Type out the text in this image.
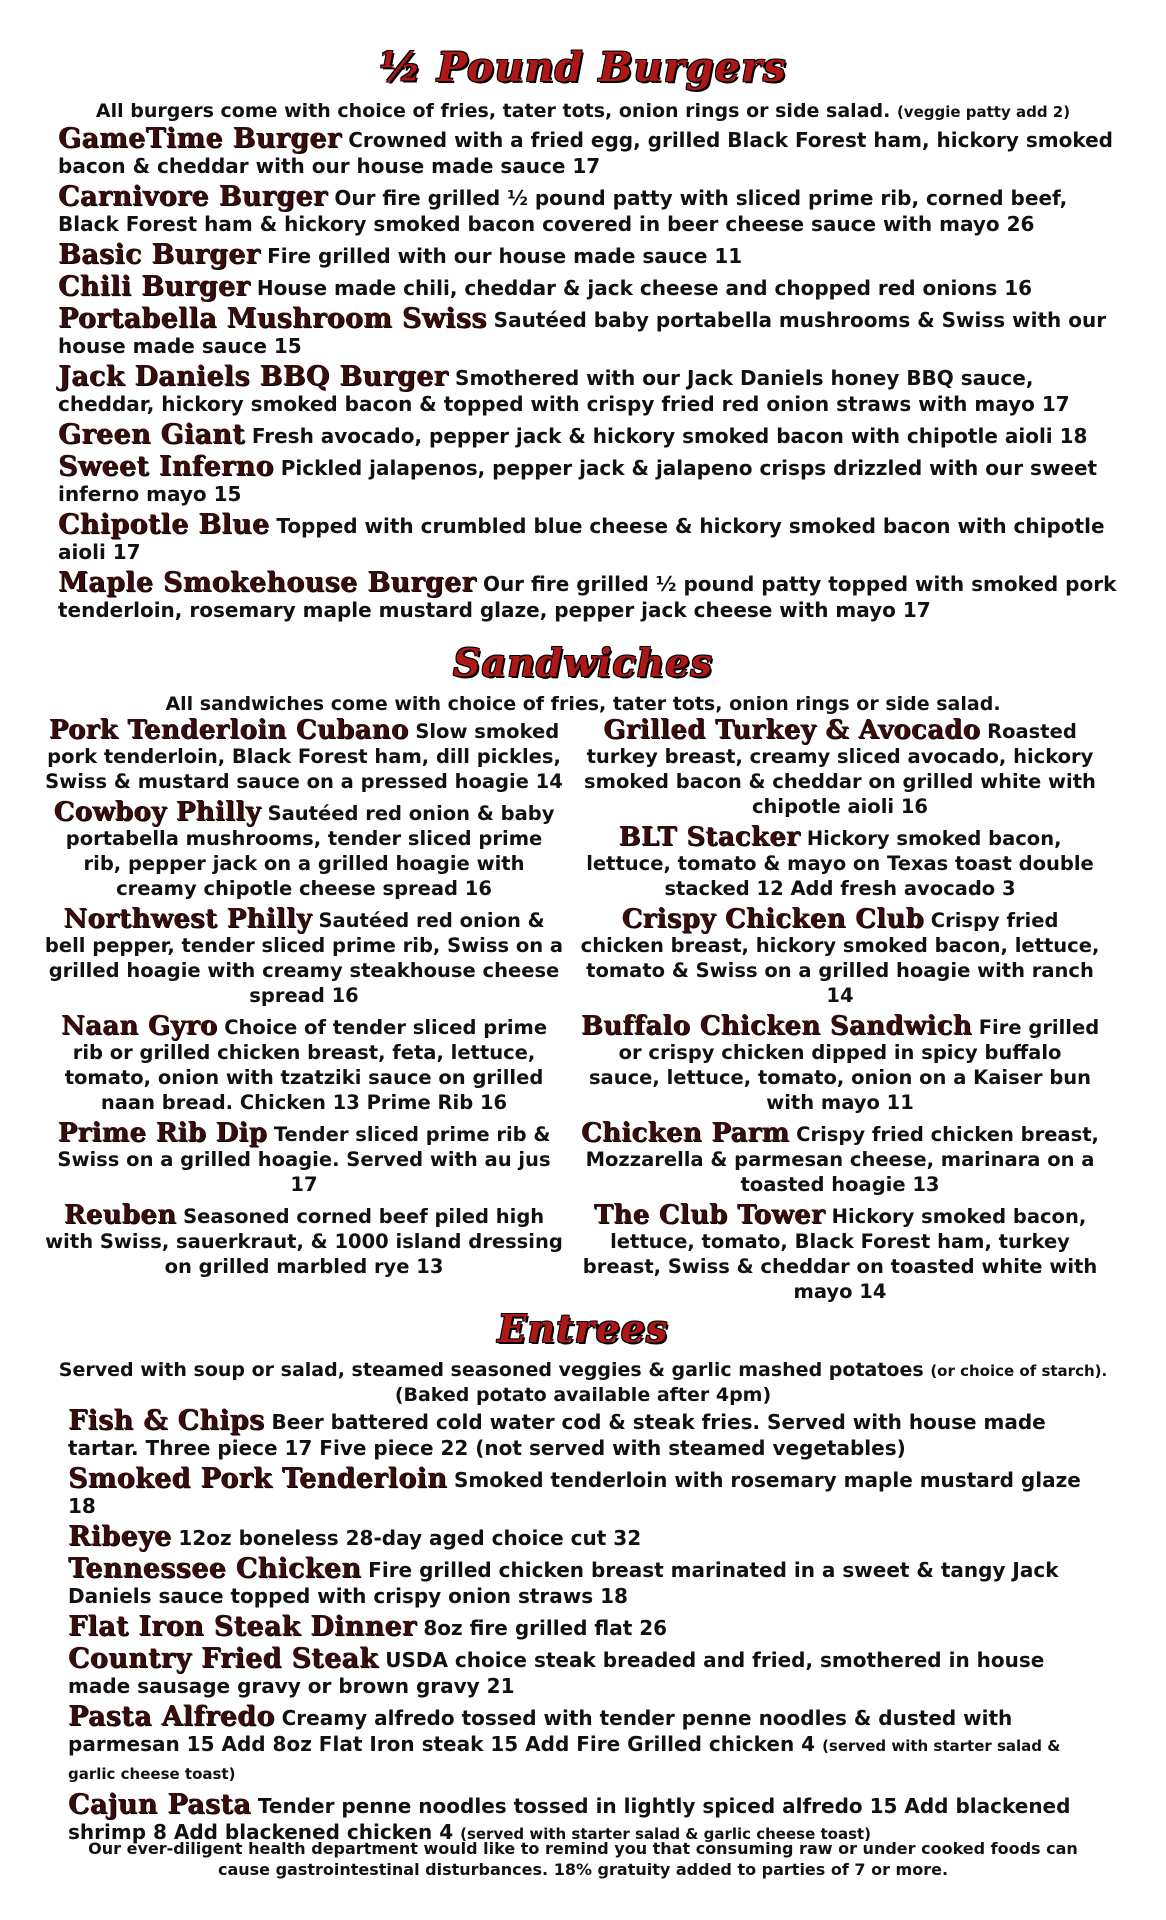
½ Pound Burgers
All burgers come with choice of fries, tater tots, onion rings or side salad. (veggie patty add 2)

GameTime Burger Crowned with a fried egg, grilled Black Forest ham, hickory smoked bacon & cheddar with our house made sauce 17

Carnivore Burger Our fire grilled ½ pound patty with sliced prime rib, corned beef, Black Forest ham & hickory smoked bacon covered in beer cheese sauce with mayo 26

Basic Burger Fire grilled with our house made sauce 11

Chili Burger House made chili, cheddar & jack cheese and chopped red onions 16

Portabella Mushroom Swiss Sautéed baby portabella mushrooms & Swiss with our house made sauce 15

Jack Daniels BBQ Burger Smothered with our Jack Daniels honey BBQ sauce, cheddar, hickory smoked bacon & topped with crispy fried red onion straws with mayo 17

Green Giant Fresh avocado, pepper jack & hickory smoked bacon with chipotle aioli 18

Sweet Inferno Pickled jalapenos, pepper jack & jalapeno crisps drizzled with our sweet inferno mayo 15

Chipotle Blue Topped with crumbled blue cheese & hickory smoked bacon with chipotle aioli 17

Maple Smokehouse Burger Our fire grilled ½ pound patty topped with smoked pork tenderloin, rosemary maple mustard glaze, pepper jack cheese with mayo 17

Sandwiches
All sandwiches come with choice of fries, tater tots, onion rings or side salad.

Pork Tenderloin Cubano Slow smoked pork tenderloin, Black Forest ham, dill pickles, Swiss & mustard sauce on a pressed hoagie 14

Cowboy Philly Sautéed red onion & baby portabella mushrooms, tender sliced prime rib, pepper jack on a grilled hoagie with creamy chipotle cheese spread 16

Northwest Philly Sautéed red onion & bell pepper, tender sliced prime rib, Swiss on a grilled hoagie with creamy steakhouse cheese spread 16

Naan Gyro Choice of tender sliced prime rib or grilled chicken breast, feta, lettuce, tomato, onion with tzatziki sauce on grilled naan bread. Chicken 13 Prime Rib 16

Prime Rib Dip Tender sliced prime rib & Swiss on a grilled hoagie. Served with au jus 17

Reuben Seasoned corned beef piled high with Swiss, sauerkraut, & 1000 island dressing on grilled marbled rye 13

Grilled Turkey & Avocado Roasted turkey breast, creamy sliced avocado, hickory smoked bacon & cheddar on grilled white with chipotle aioli 16

BLT Stacker Hickory smoked bacon, lettuce, tomato & mayo on Texas toast double stacked 12 Add fresh avocado 3

Crispy Chicken Club Crispy fried chicken breast, hickory smoked bacon, lettuce, tomato & Swiss on a grilled hoagie with ranch 14

Buffalo Chicken Sandwich Fire grilled or crispy chicken dipped in spicy buffalo sauce, lettuce, tomato, onion on a Kaiser bun with mayo 11

Chicken Parm Crispy fried chicken breast, Mozzarella & parmesan cheese, marinara on a toasted hoagie 13

The Club Tower Hickory smoked bacon, lettuce, tomato, Black Forest ham, turkey breast, Swiss & cheddar on toasted white with mayo 14

Entrees
Served with soup or salad, steamed seasoned veggies & garlic mashed potatoes (or choice of starch).
(Baked potato available after 4pm)

Fish & Chips Beer battered cold water cod & steak fries. Served with house made tartar. Three piece 17 Five piece 22 (not served with steamed vegetables)

Smoked Pork Tenderloin Smoked tenderloin with rosemary maple mustard glaze 18

Ribeye 12oz boneless 28-day aged choice cut 32

Tennessee Chicken Fire grilled chicken breast marinated in a sweet & tangy Jack Daniels sauce topped with crispy onion straws 18

Flat Iron Steak Dinner 8oz fire grilled flat 26

Country Fried Steak USDA choice steak breaded and fried, smothered in house made sausage gravy or brown gravy 21

Pasta Alfredo Creamy alfredo tossed with tender penne noodles & dusted with parmesan 15 Add 8oz Flat Iron steak 15 Add Fire Grilled chicken 4 (served with starter salad & garlic cheese toast)

Cajun Pasta Tender penne noodles tossed in lightly spiced alfredo 15 Add blackened shrimp 8 Add blackened chicken 4 (served with starter salad & garlic cheese toast)

Our ever-diligent health department would like to remind you that consuming raw or under cooked foods can cause gastrointestinal disturbances. 18% gratuity added to parties of 7 or more.
